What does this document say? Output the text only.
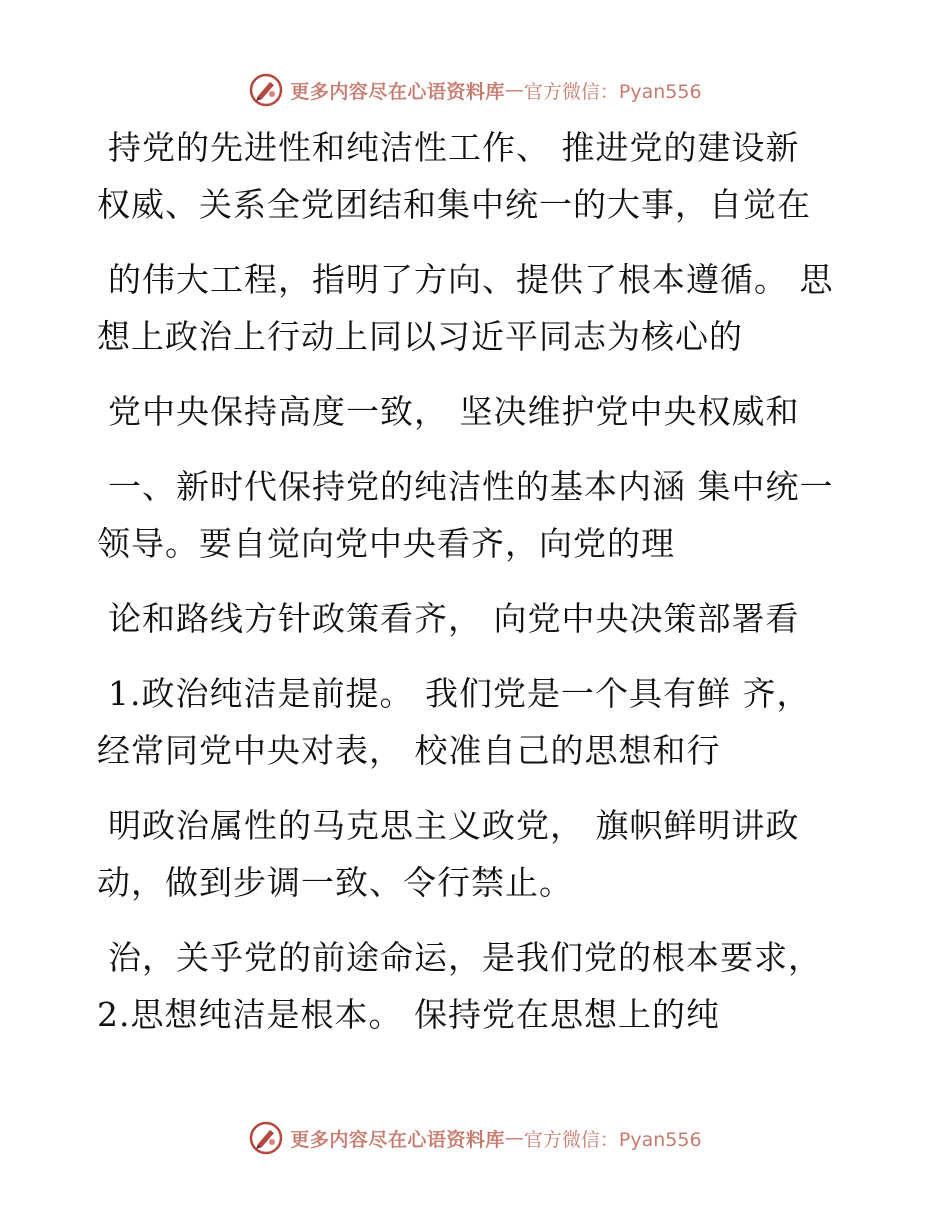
更多内容尽在心语资料库 — 官方微信：Pyan556
持党的先进性和纯洁性工作、 推进党的建设新
权威、关系全党团结和集中统一的大事，自觉在
的伟大工程，指明了方向、提供了根本遵循。 思
想上政治上行动上同以习近平同志为核心的
党中央保持高度一致， 坚决维护党中央权威和
一、新时代保持党的纯洁性的基本内涵 集中统一
领导。要自觉向党中央看齐，向党的理
论和路线方针政策看齐， 向党中央决策部署看
1.政治纯洁是前提。 我们党是一个具有鲜 齐，
经常同党中央对表， 校准自己的思想和行
明政治属性的马克思主义政党， 旗帜鲜明讲政
动，做到步调一致、令行禁止。
治，关乎党的前途命运，是我们党的根本要求，
2.思想纯洁是根本。 保持党在思想上的纯
更多内容尽在心语资料库 — 官方微信：Pyan556
